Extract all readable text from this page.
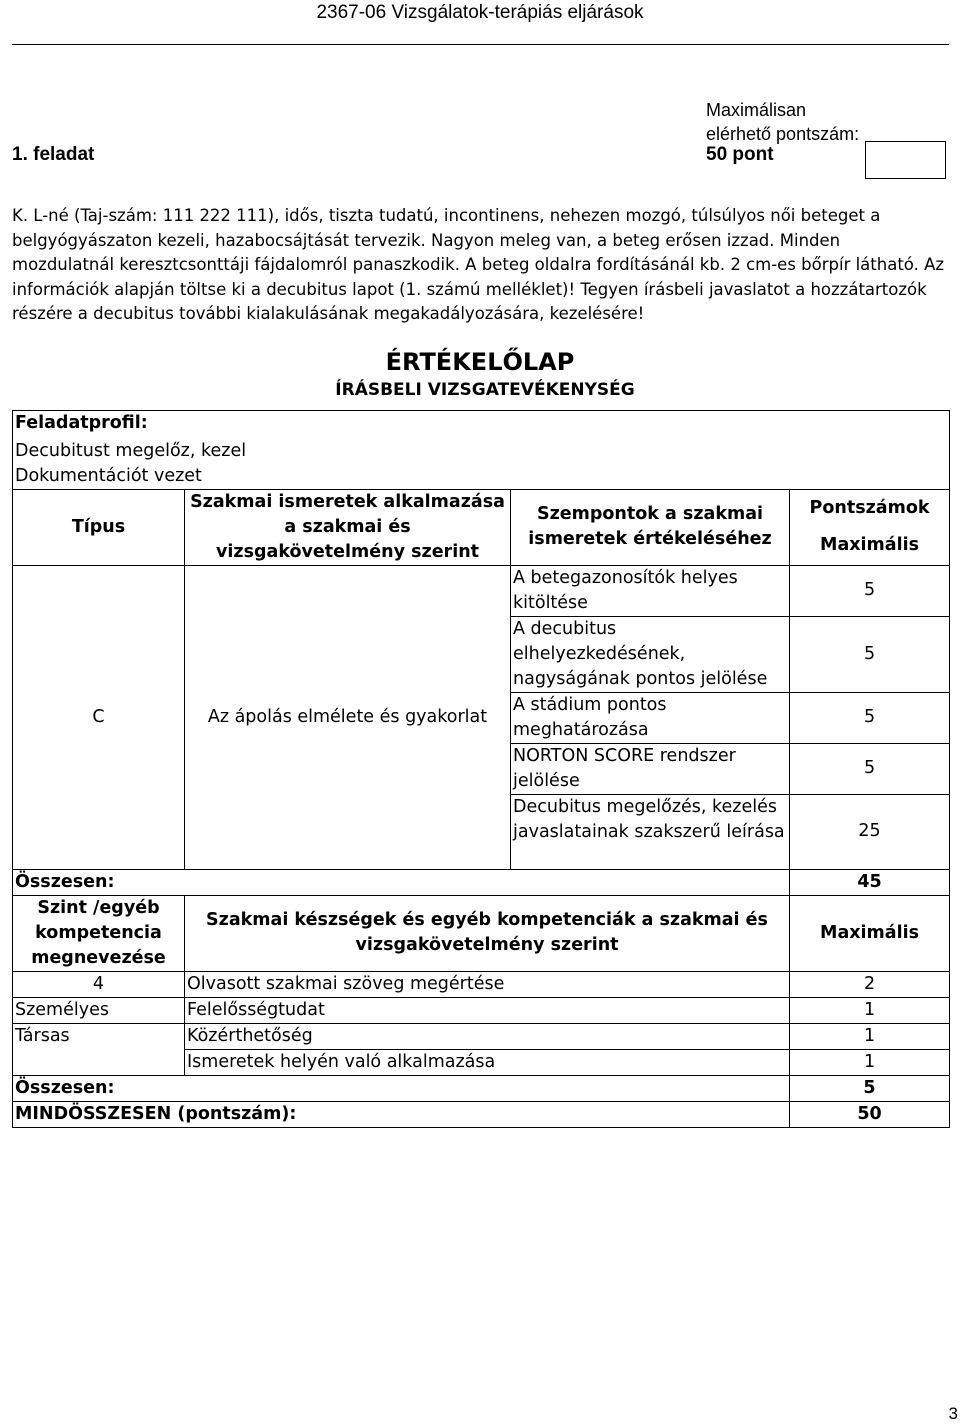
2367-06 Vizsgálatok-terápiás eljárások
1. feladat
Maximálisan elérhető pontszám:
50 pont
K. L-né (Taj-szám: 111 222 111), idős, tiszta tudatú, incontinens, nehezen mozgó, túlsúlyos női beteget a belgyógyászaton kezeli, hazabocsájtását tervezik. Nagyon meleg van, a beteg erősen izzad. Minden mozdulatnál keresztcsonttáji fájdalomról panaszkodik. A beteg oldalra fordításánál kb. 2 cm-es bőrpír látható. Az információk alapján töltse ki a decubitus lapot (1. számú melléklet)! Tegyen írásbeli javaslatot a hozzátartozók részére a decubitus további kialakulásának megakadályozására, kezelésére!
ÉRTÉKELŐLAP
ÍRÁSBELI VIZSGATEVÉKENYSÉG
Feladatprofil:			
Decubitust megelőz, kezel			
Dokumentációt vezet			
Típus	Szakmai ismeretek alkalmazása a szakmai és vizsgakövetelmény szerint	Szempontok a szakmai ismeretek értékeléséhez	Pontszámok
			Maximális
C	Az ápolás elmélete és gyakorlat	A betegazonosítók helyes kitöltése	5
		A decubitus elhelyezkedésének, nagyságának pontos jelölése	5
		A stádium pontos meghatározása	5
		NORTON SCORE rendszer jelölése	5
		Decubitus megelőzés, kezelés javaslatainak szakszerű leírása	25
Összesen:			45
Szint /egyéb kompetencia megnevezése	Szakmai készségek és egyéb kompetenciák a szakmai és vizsgakövetelmény szerint		Maximális
4	Olvasott szakmai szöveg megértése		2
Személyes	Felelősségtudat		1
Társas	Közérthetőség		1
	Ismeretek helyén való alkalmazása		1
Összesen:			5
MINDÖSSZESEN (pontszám):			50
3
